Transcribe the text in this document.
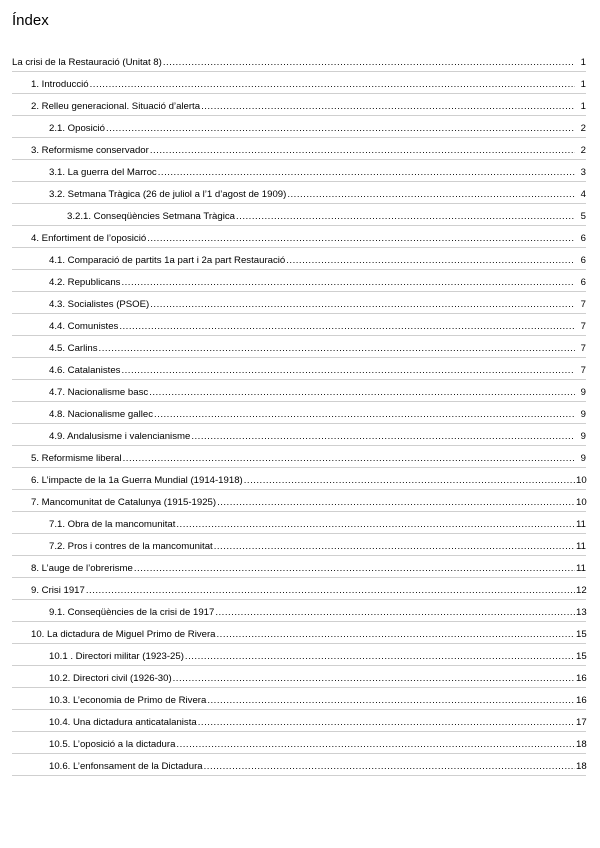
Índex
La crisi de la Restauració (Unitat 8) .....	1
1. Introducció .....	1
2. Relleu generacional. Situació d’alerta .....	1
2.1. Oposició .....	2
3. Reformisme conservador .....	2
3.1. La guerra del Marroc .....	3
3.2. Setmana Tràgica (26 de juliol a l’1 d’agost de 1909) .....	4
3.2.1. Conseqüències Setmana Tràgica .....	5
4. Enfortiment de l’oposició .....	6
4.1. Comparació de partits 1a part i 2a part Restauració .....	6
4.2. Republicans .....	6
4.3. Socialistes (PSOE) .....	7
4.4. Comunistes .....	7
4.5. Carlins .....	7
4.6. Catalanistes .....	7
4.7. Nacionalisme basc .....	9
4.8. Nacionalisme gallec .....	9
4.9. Andalusisme i valencianisme .....	9
5. Reformisme liberal .....	9
6. L’impacte de la 1a Guerra Mundial (1914-1918) .....	10
7. Mancomunitat de Catalunya (1915-1925) .....	10
7.1. Obra de la mancomunitat .....	11
7.2. Pros i contres de la mancomunitat .....	11
8. L’auge de l’obrerisme .....	11
9. Crisi 1917 .....	12
9.1. Conseqüències de la crisi de 1917 .....	13
10. La dictadura de Miguel Primo de Rivera .....	15
10.1 . Directori militar (1923-25) .....	15
10.2. Directori civil (1926-30) .....	16
10.3. L’economia de Primo de Rivera .....	16
10.4. Una dictadura anticatalanista .....	17
10.5. L’oposició a la dictadura .....	18
10.6. L’enfonsament de la Dictadura .....	18
